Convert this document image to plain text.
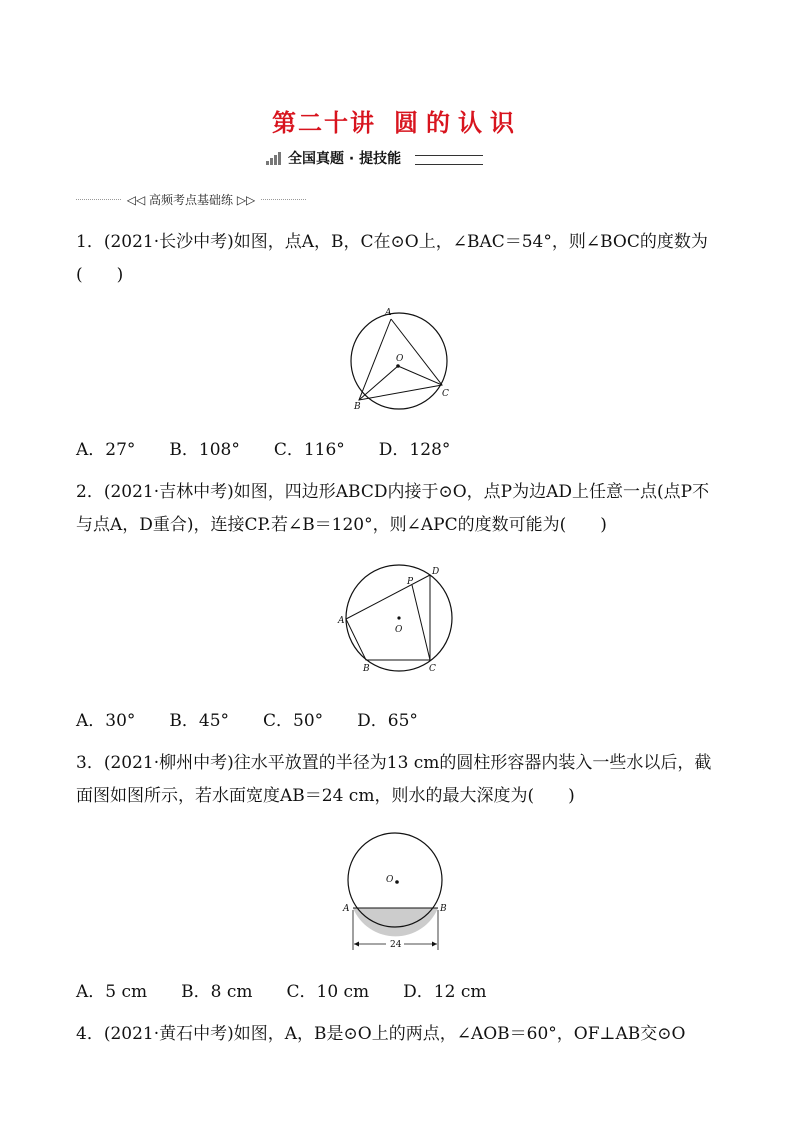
第二十讲 圆的认识
全国真题 · 提技能
◁◁ 高频考点基础练 ▷▷
1．(2021·长沙中考)如图，点A，B，C在⊙O上，∠BAC＝54°，则∠BOC的度数为(　　)
A
B
C
O
A．27°　　B．108°　　C．116°　　D．128°
2．(2021·吉林中考)如图，四边形ABCD内接于⊙O，点P为边AD上任意一点(点P不与点A，D重合)，连接CP.若∠B＝120°，则∠APC的度数可能为(　　)
A
B	C
D
P
O
A．30°　　B．45°　　C．50°　　D．65°
3．(2021·柳州中考)往水平放置的半径为13 cm的圆柱形容器内装入一些水以后，截面图如图所示，若水面宽度AB＝24 cm，则水的最大深度为(　　)
24
O
A	B
A．5 cm　　B．8 cm　　C．10 cm　　D．12 cm
4．(2021·黄石中考)如图，A，B是⊙O上的两点，∠AOB＝60°，OF⊥AB交⊙O
